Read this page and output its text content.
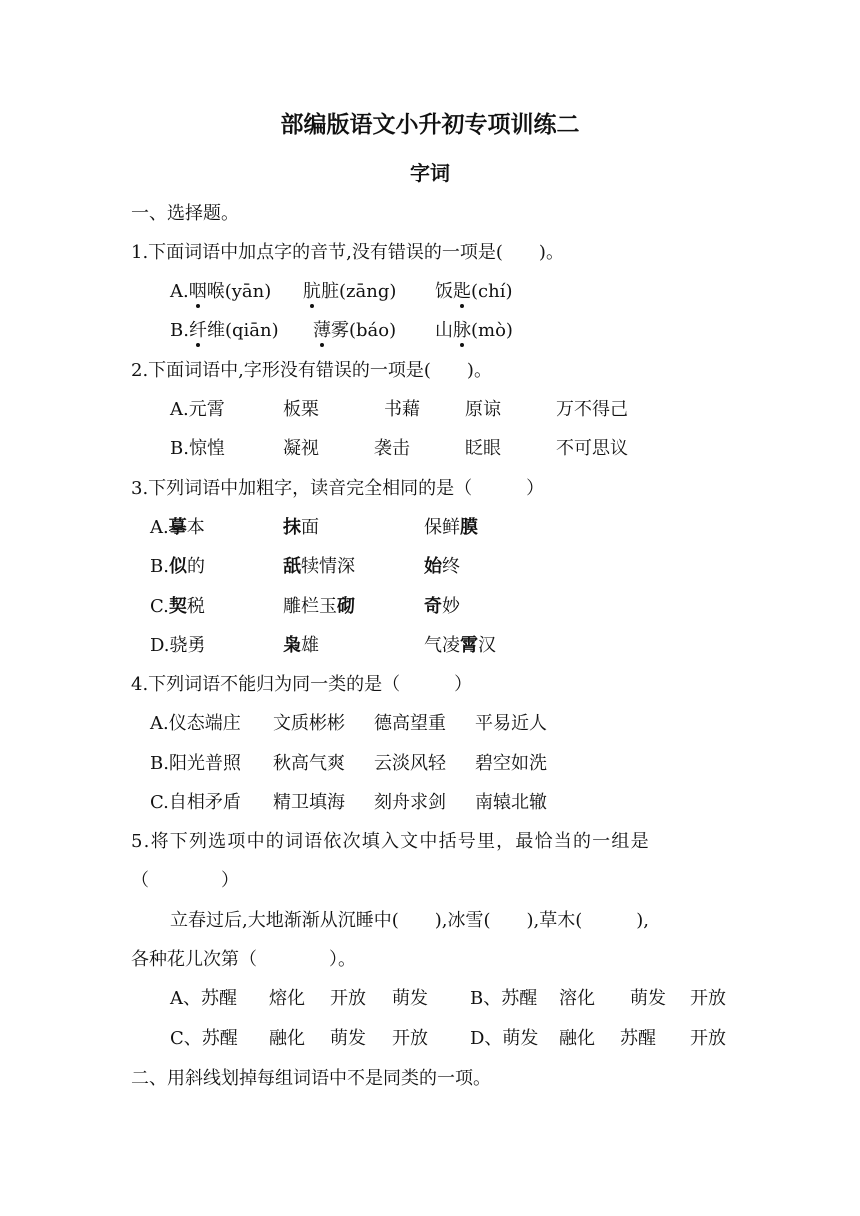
部编版语文小升初专项训练二
字词
一、选择题。
1.下面词语中加点字的音节,没有错误的一项是(　　)。
A.咽喉(yān) 肮脏(zāng) 饭匙(chí)
B.纤维(qiān) 薄雾(báo) 山脉(mò)
2.下面词语中,字形没有错误的一项是(　　)。
A.元霄	板栗	书藉	原谅	万不得己
B.惊惶	凝视	袭击	眨眼	不可思议
3.下列词语中加粗字，读音完全相同的是（　　　）
A.摹本	抹面	保鲜膜
B.似的	舐犊情深	始终
C.契税	雕栏玉砌	奇妙
D.骁勇	枭雄	气凌霄汉
4.下列词语不能归为同一类的是（　　　）
A.仪态端庄 文质彬彬 德高望重 平易近人
B.阳光普照 秋高气爽 云淡风轻 碧空如洗
C.自相矛盾 精卫填海 刻舟求剑 南辕北辙
5.将下列选项中的词语依次填入文中括号里，最恰当的一组是
（　　　　）
立春过后,大地渐渐从沉睡中(　　),冰雪(　　),草木(　　　),
各种花儿次第（　　　　）。
A、苏醒 熔化 开放 萌发 B、苏醒 溶化 萌发 开放
C、苏醒 融化 萌发 开放 D、萌发 融化 苏醒 开放
二、用斜线划掉每组词语中不是同类的一项。
